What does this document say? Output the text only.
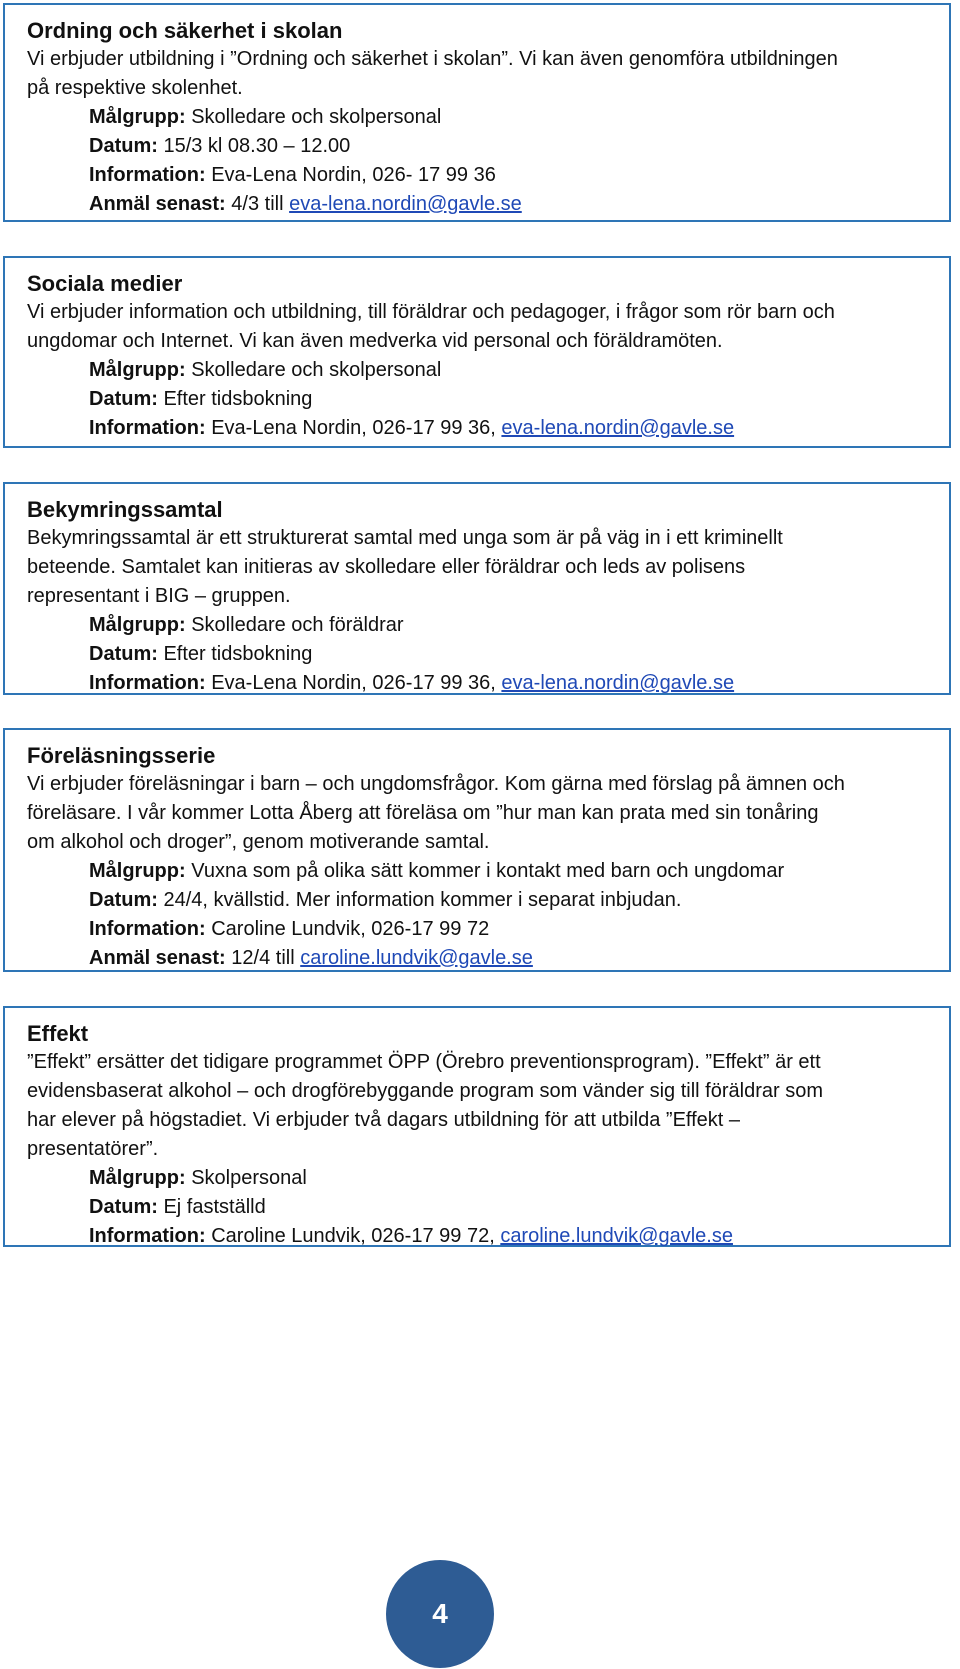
Ordning och säkerhet i skolan

Vi erbjuder utbildning i ”Ordning och säkerhet i skolan”. Vi kan även genomföra utbildningen

på respektive skolenhet.

Målgrupp: Skolledare och skolpersonal

Datum: 15/3 kl 08.30 – 12.00

Information: Eva-Lena Nordin, 026- 17 99 36

Anmäl senast: 4/3 till eva-lena.nordin@gavle.se

Sociala medier

Vi erbjuder information och utbildning, till föräldrar och pedagoger, i frågor som rör barn och

ungdomar och Internet. Vi kan även medverka vid personal och föräldramöten.

Målgrupp: Skolledare och skolpersonal

Datum: Efter tidsbokning

Information: Eva-Lena Nordin, 026-17 99 36, eva-lena.nordin@gavle.se

Bekymringssamtal

Bekymringssamtal är ett strukturerat samtal med unga som är på väg in i ett kriminellt

beteende. Samtalet kan initieras av skolledare eller föräldrar och leds av polisens

representant i BIG – gruppen.

Målgrupp: Skolledare och föräldrar

Datum: Efter tidsbokning

Information: Eva-Lena Nordin, 026-17 99 36, eva-lena.nordin@gavle.se

Föreläsningsserie

Vi erbjuder föreläsningar i barn – och ungdomsfrågor. Kom gärna med förslag på ämnen och

föreläsare. I vår kommer Lotta Åberg att föreläsa om ”hur man kan prata med sin tonåring

om alkohol och droger”, genom motiverande samtal.

Målgrupp: Vuxna som på olika sätt kommer i kontakt med barn och ungdomar

Datum: 24/4, kvällstid. Mer information kommer i separat inbjudan.

Information: Caroline Lundvik, 026-17 99 72

Anmäl senast: 12/4 till caroline.lundvik@gavle.se

Effekt

”Effekt” ersätter det tidigare programmet ÖPP (Örebro preventionsprogram). ”Effekt” är ett

evidensbaserat alkohol – och drogförebyggande program som vänder sig till föräldrar som

har elever på högstadiet. Vi erbjuder två dagars utbildning för att utbilda ”Effekt –

presentatörer”.

Målgrupp: Skolpersonal

Datum: Ej fastställd

Information: Caroline Lundvik, 026-17 99 72, caroline.lundvik@gavle.se

4
